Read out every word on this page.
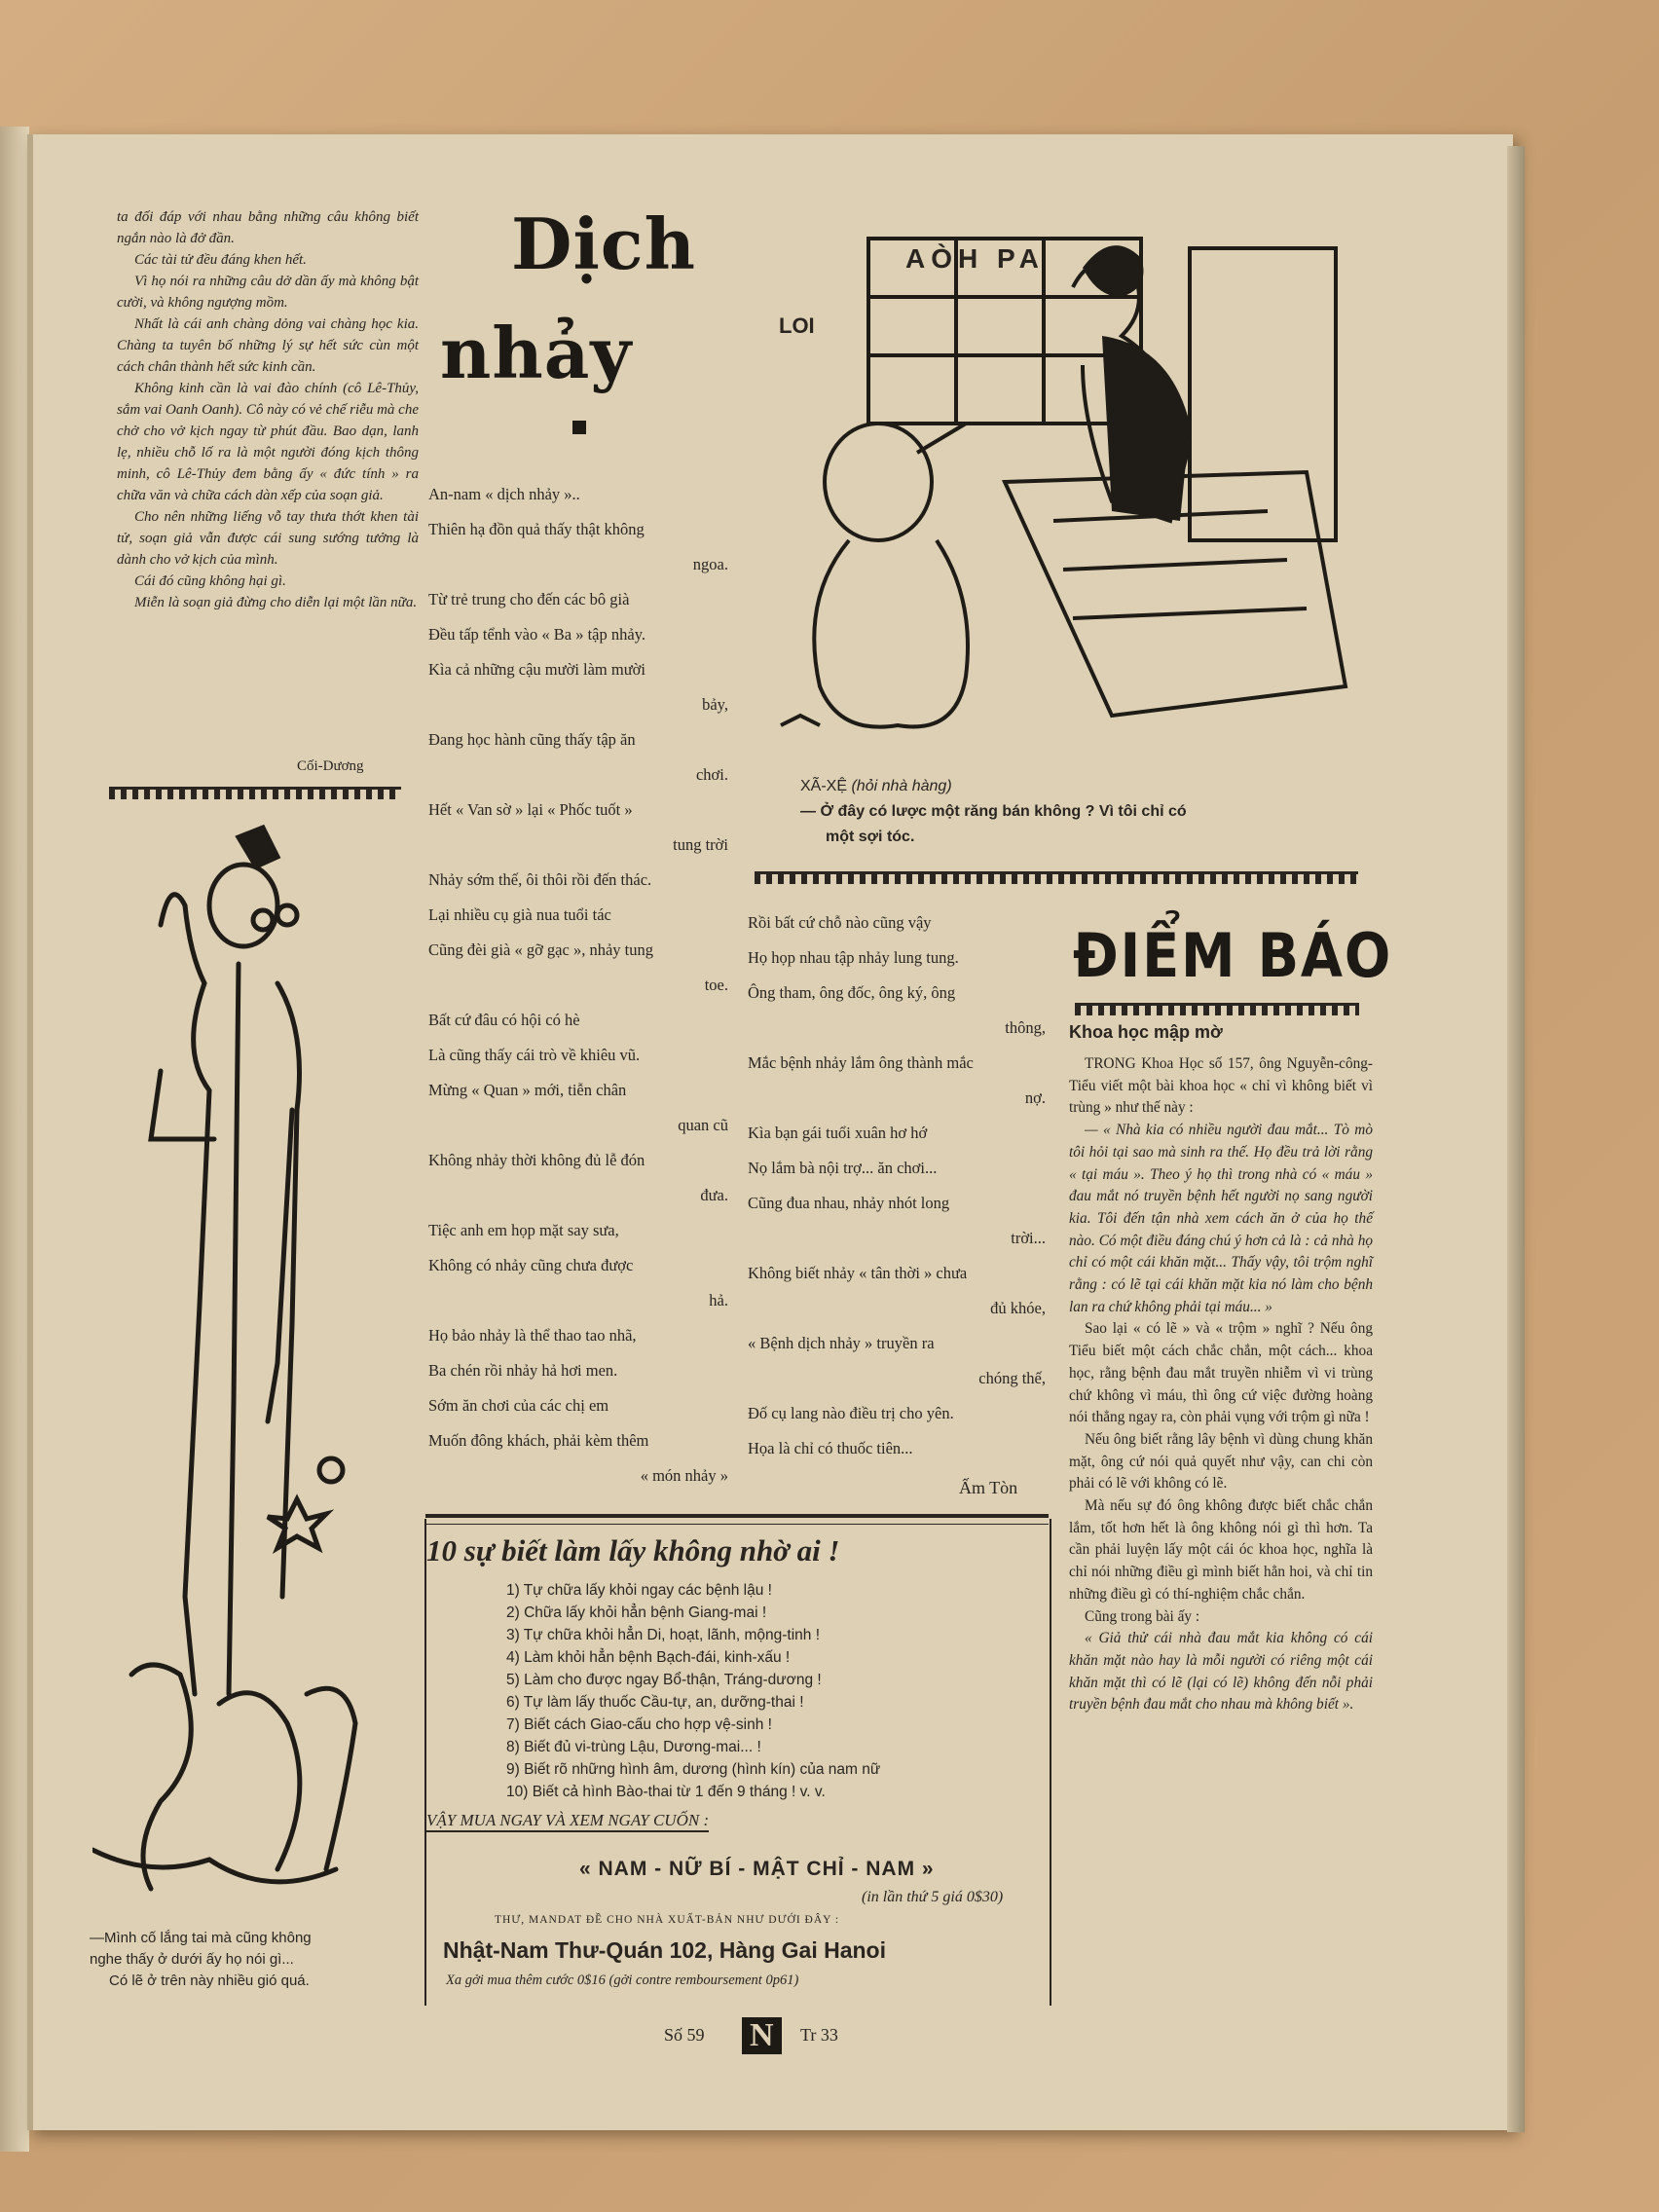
ta đối đáp với nhau bằng những câu không biết ngắn nào là đở đần.
Các tài tử đều đáng khen hết.
Vì họ nói ra những câu dở dần ấy mà không bật cười, và không ngượng mồm.
Nhất là cái anh chàng dỏng vai chàng học kia. Chàng ta tuyên bố những lý sự hết sức cùn một cách chân thành hết sức kinh cần.
Không kinh cần là vai đào chính (cô Lê-Thủy, sắm vai Oanh Oanh). Cô này có vẻ chế riễu mà che chở cho vở kịch ngay từ phút đầu. Bao dạn, lanh lẹ, nhiều chỗ lố ra là một người đóng kịch thông minh, cô Lê-Thủy đem bằng ấy « đức tính » ra chữa văn và chữa cách dàn xếp của soạn giả.
Cho nên những liếng vỗ tay thưa thớt khen tài tử, soạn giả vẫn được cái sung sướng tưởng là dành cho vở kịch của mình.
Cái đó cũng không hại gì.
Miễn là soạn giả đừng cho diễn lại một lần nữa.
Cối-Dương
—Mình cố lắng tai mà cũng không
nghe thấy ở dưới ấy họ nói gì...
Có lẽ ở trên này nhiều gió quá.
Dịch
nhảy

An-nam « dịch nhảy »..

Thiên hạ đồn quả thấy thật không

ngoa.

Từ trẻ trung cho đến các bô già

Đều tấp tểnh vào « Ba » tập nhảy.

Kìa cả những cậu mười làm mười

bảy,

Đang học hành cũng thấy tập ăn

chơi.

Hết « Van sờ » lại « Phốc tuốt »

tung trời

Nhảy sớm thế, ôi thôi rồi đến thác.

Lại nhiều cụ già nua tuổi tác

Cũng đèi già « gỡ gạc », nhảy tung

toe.

Bất cứ đâu có hội có hè

Là cũng thấy cái trò về khiêu vũ.

Mừng « Quan » mới, tiễn chân

quan cũ

Không nhảy thời không đủ lễ đón

đưa.

Tiệc anh em họp mặt say sưa,

Không có nhảy cũng chưa được

hả.

Họ bảo nhảy là thể thao tao nhã,

Ba chén rồi nhảy hả hơi men.

Sớm ăn chơi của các chị em

Muốn đông khách, phải kèm thêm

« món nhảy »

Rồi bất cứ chỗ nào cũng vậy

Họ họp nhau tập nhảy lung tung.

Ông tham, ông đốc, ông ký, ông

thông,

Mắc bệnh nhảy lắm ông thành mắc

nợ.

Kìa bạn gái tuổi xuân hơ hớ

Nọ lắm bà nội trợ... ăn chơi...

Cũng đua nhau, nhảy nhót long

trời...

Không biết nhảy « tân thời » chưa

đủ khóe,

« Bệnh dịch nhảy » truyền ra

chóng thế,

Đố cụ lang nào điều trị cho yên.

Họa là chỉ có thuốc tiên...

Ấm Tòn
LOI
AÒH PA
XÃ-XỆ (hỏi nhà hàng)
— Ở đây có lược một răng bán không ? Vì tôi chỉ có
một sợi tóc.
ĐIỂM BÁO
Khoa học mập mờ
TRONG Khoa Học số 157, ông Nguyễn-công-Tiểu viết một bài khoa học « chỉ vì không biết vì trùng » như thế này :
— « Nhà kia có nhiều người đau mắt... Tò mò tôi hỏi tại sao mà sinh ra thế. Họ đều trả lời rằng « tại máu ». Theo ý họ thì trong nhà có « máu » đau mắt nó truyền bệnh hết người nọ sang người kia. Tôi đến tận nhà xem cách ăn ở của họ thế nào. Có một điều đáng chú ý hơn cả là : cả nhà họ chỉ có một cái khăn mặt... Thấy vậy, tôi trộm nghĩ rằng : có lẽ tại cái khăn mặt kia nó làm cho bệnh lan ra chứ không phải tại máu... »
Sao lại « có lẽ » và « trộm » nghĩ ? Nếu ông Tiểu biết một cách chắc chắn, một cách... khoa học, rằng bệnh đau mắt truyền nhiễm vì vi trùng chứ không vì máu, thì ông cứ việc đường hoàng nói thẳng ngay ra, còn phải vụng với trộm gì nữa !
Nếu ông biết rằng lây bệnh vì dùng chung khăn mặt, ông cứ nói quả quyết như vậy, can chi còn phải có lẽ với không có lẽ.
Mà nếu sự đó ông không được biết chắc chắn lắm, tốt hơn hết là ông không nói gì thì hơn. Ta cần phải luyện lấy một cái óc khoa học, nghĩa là chỉ nói những điều gì mình biết hẳn hoi, và chỉ tin những điều gì có thí-nghiệm chắc chắn.
Cũng trong bài ấy :
« Giả thử cái nhà đau mắt kia không có cái khăn mặt nào hay là mỗi người có riêng một cái khăn mặt thì có lẽ (lại có lẽ) không đến nỗi phải truyền bệnh đau mắt cho nhau mà không biết ».
10 sự biết làm lấy không nhờ ai !
1) Tự chữa lấy khỏi ngay các bệnh lậu !
2) Chữa lấy khỏi hẳn bệnh Giang-mai !
3) Tự chữa khỏi hẳn Di, hoạt, lãnh, mộng-tinh !
4) Làm khỏi hẳn bệnh Bạch-đái, kinh-xấu !
5) Làm cho được ngay Bổ-thận, Tráng-dương !
6) Tự làm lấy thuốc Cầu-tự, an, dưỡng-thai !
7) Biết cách Giao-cấu cho hợp vệ-sinh !
8) Biết đủ vi-trùng Lậu, Dương-mai... !
9) Biết rõ những hình âm, dương (hình kín) của nam nữ
10) Biết cả hình Bào-thai từ 1 đến 9 tháng ! v. v.
VẬY MUA NGAY VÀ XEM NGAY CUỐN :
« NAM - NỮ BÍ - MẬT CHỈ - NAM »
(in lần thứ 5 giá 0$30)
THƯ, MANDAT ĐỀ CHO NHÀ XUẤT-BẢN NHƯ DƯỚI ĐÂY :
Nhật-Nam Thư-Quán 102, Hàng Gai Hanoi
Xa gởi mua thêm cước 0$16 (gởi contre remboursement 0p61)
Số 59 N	Tr 33
